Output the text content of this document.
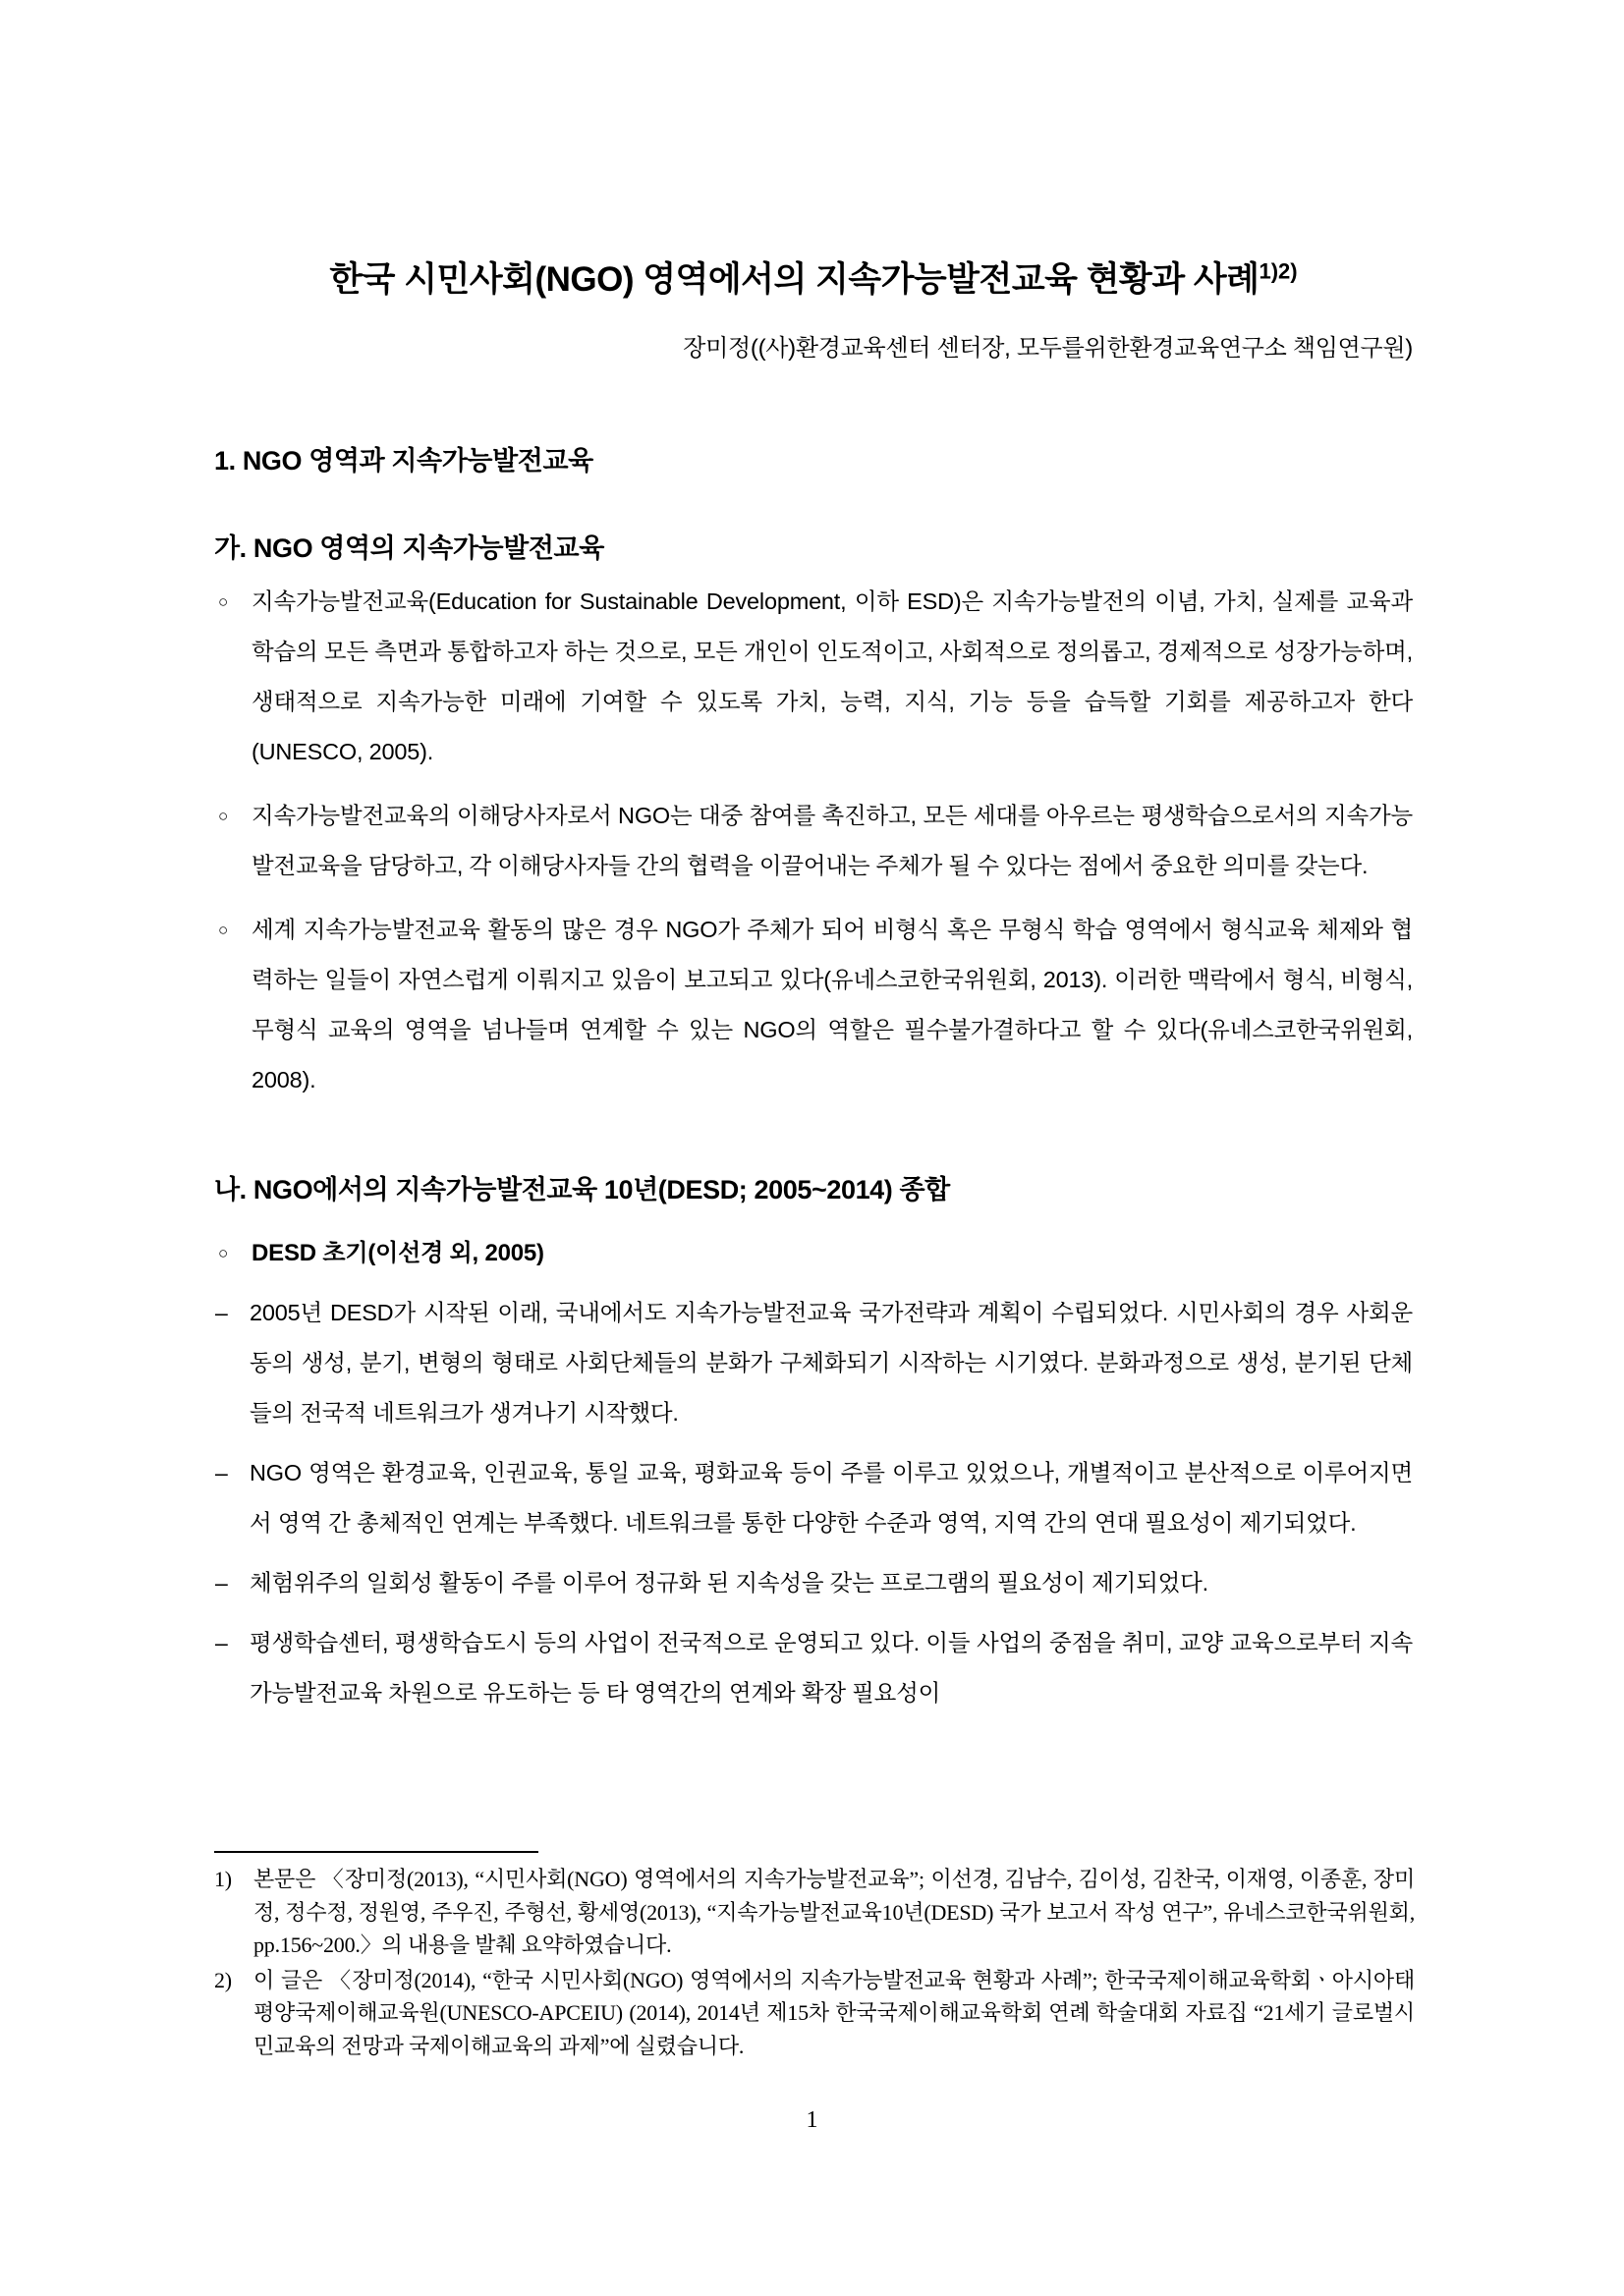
한국 시민사회(NGO) 영역에서의 지속가능발전교육 현황과 사례$^{1)2)}$

장미정((사)환경교육센터 센터장, 모두를위한환경교육연구소 책임연구원)

1. NGO 영역과 지속가능발전교육
가. NGO 영역의 지속가능발전교육
○ 지속가능발전교육(Education for Sustainable Development, 이하 ESD)은 지속가능발전의 이념, 가치, 실제를 교육과 학습의 모든 측면과 통합하고자 하는 것으로, 모든 개인이 인도적이고, 사회적으로 정의롭고, 경제적으로 성장가능하며, 생태적으로 지속가능한 미래에 기여할 수 있도록 가치, 능력, 지식, 기능 등을 습득할 기회를 제공하고자 한다(UNESCO, 2005).
○ 지속가능발전교육의 이해당사자로서 NGO는 대중 참여를 촉진하고, 모든 세대를 아우르는 평생학습으로서의 지속가능발전교육을 담당하고, 각 이해당사자들 간의 협력을 이끌어내는 주체가 될 수 있다는 점에서 중요한 의미를 갖는다.
○ 세계 지속가능발전교육 활동의 많은 경우 NGO가 주체가 되어 비형식 혹은 무형식 학습 영역에서 형식교육 체제와 협력하는 일들이 자연스럽게 이뤄지고 있음이 보고되고 있다(유네스코한국위원회, 2013). 이러한 맥락에서 형식, 비형식, 무형식 교육의 영역을 넘나들며 연계할 수 있는 NGO의 역할은 필수불가결하다고 할 수 있다(유네스코한국위원회, 2008).
나. NGO에서의 지속가능발전교육 10년(DESD; 2005~2014) 종합
○ DESD 초기(이선경 외, 2005)
– 2005년 DESD가 시작된 이래, 국내에서도 지속가능발전교육 국가전략과 계획이 수립되었다. 시민사회의 경우 사회운동의 생성, 분기, 변형의 형태로 사회단체들의 분화가 구체화되기 시작하는 시기였다. 분화과정으로 생성, 분기된 단체들의 전국적 네트워크가 생겨나기 시작했다.
– NGO 영역은 환경교육, 인권교육, 통일 교육, 평화교육 등이 주를 이루고 있었으나, 개별적이고 분산적으로 이루어지면서 영역 간 총체적인 연계는 부족했다. 네트워크를 통한 다양한 수준과 영역, 지역 간의 연대 필요성이 제기되었다.
– 체험위주의 일회성 활동이 주를 이루어 정규화 된 지속성을 갖는 프로그램의 필요성이 제기되었다.
– 평생학습센터, 평생학습도시 등의 사업이 전국적으로 운영되고 있다. 이들 사업의 중점을 취미, 교양 교육으로부터 지속가능발전교육 차원으로 유도하는 등 타 영역간의 연계와 확장 필요성이
1) 본문은 〈장미정(2013), “시민사회(NGO) 영역에서의 지속가능발전교육”; 이선경, 김남수, 김이성, 김찬국, 이재영, 이종훈, 장미정, 정수정, 정원영, 주우진, 주형선, 황세영(2013), “지속가능발전교육10년(DESD) 국가 보고서 작성 연구”, 유네스코한국위원회, pp.156~200.〉의 내용을 발췌 요약하였습니다.
2) 이 글은 〈장미정(2014), “한국 시민사회(NGO) 영역에서의 지속가능발전교육 현황과 사례”; 한국국제이해교육학회ㆍ아시아태평양국제이해교육원(UNESCO-APCEIU) (2014), 2014년 제15차 한국국제이해교육학회 연례 학술대회 자료집 “21세기 글로벌시민교육의 전망과 국제이해교육의 과제”에 실렸습니다.
1
